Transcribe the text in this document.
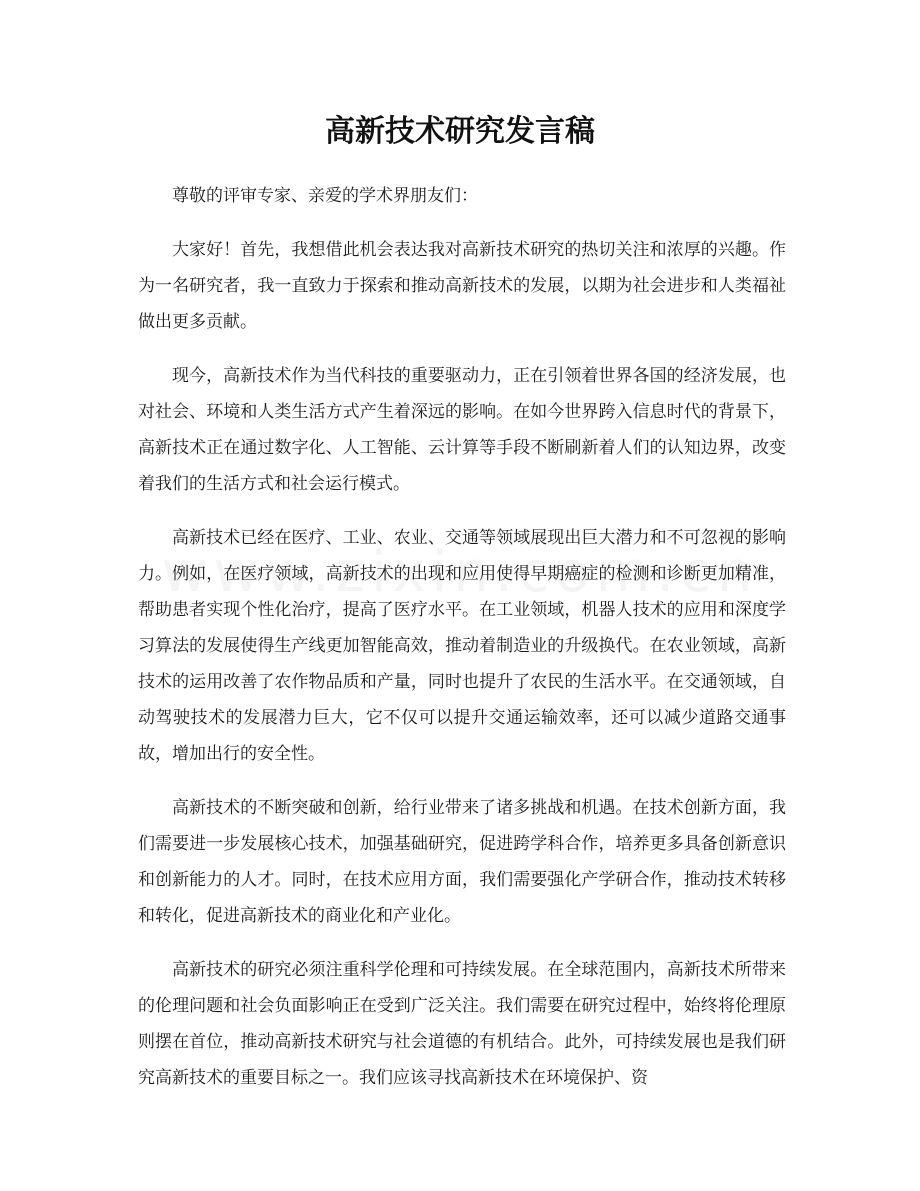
高新技术研究发言稿

尊敬的评审专家、亲爱的学术界朋友们：

大家好！首先，我想借此机会表达我对高新技术研究的热切关注和浓厚的兴趣。作为一名研究者，我一直致力于探索和推动高新技术的发展，以期为社会进步和人类福祉做出更多贡献。

现今，高新技术作为当代科技的重要驱动力，正在引领着世界各国的经济发展，也对社会、环境和人类生活方式产生着深远的影响。在如今世界跨入信息时代的背景下，高新技术正在通过数字化、人工智能、云计算等手段不断刷新着人们的认知边界，改变着我们的生活方式和社会运行模式。

高新技术已经在医疗、工业、农业、交通等领域展现出巨大潜力和不可忽视的影响力。例如，在医疗领域，高新技术的出现和应用使得早期癌症的检测和诊断更加精准，帮助患者实现个性化治疗，提高了医疗水平。在工业领域，机器人技术的应用和深度学习算法的发展使得生产线更加智能高效，推动着制造业的升级换代。在农业领域，高新技术的运用改善了农作物品质和产量，同时也提升了农民的生活水平。在交通领域，自动驾驶技术的发展潜力巨大，它不仅可以提升交通运输效率，还可以减少道路交通事故，增加出行的安全性。

高新技术的不断突破和创新，给行业带来了诸多挑战和机遇。在技术创新方面，我们需要进一步发展核心技术，加强基础研究，促进跨学科合作，培养更多具备创新意识和创新能力的人才。同时，在技术应用方面，我们需要强化产学研合作，推动技术转移和转化，促进高新技术的商业化和产业化。

高新技术的研究必须注重科学伦理和可持续发展。在全球范围内，高新技术所带来的伦理问题和社会负面影响正在受到广泛关注。我们需要在研究过程中，始终将伦理原则摆在首位，推动高新技术研究与社会道德的有机结合。此外，可持续发展也是我们研究高新技术的重要目标之一。我们应该寻找高新技术在环境保护、资
